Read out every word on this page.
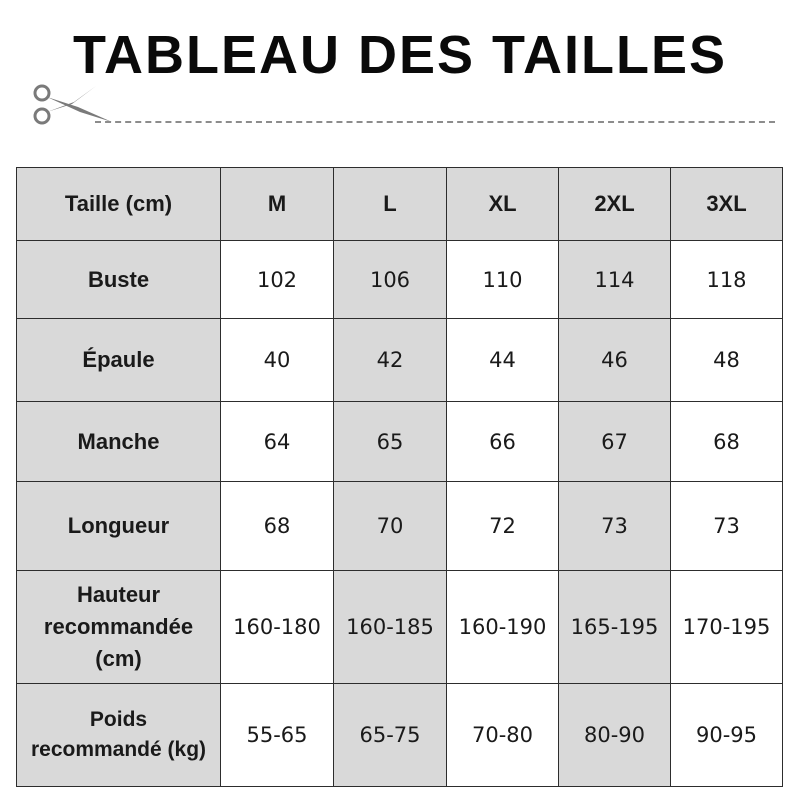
TABLEAU DES TAILLES
Taille (cm)	M	L	XL	2XL	3XL
Buste	102	106	110	114	118
Épaule	40	42	44	46	48
Manche	64	65	66	67	68
Longueur	68	70	72	73	73

Hauteur
recommandée
(cm)	160-180	160-185	160-190	165-195	170-195

Poids
recommandé (kg)	55-65	65-75	70-80	80-90	90-95
